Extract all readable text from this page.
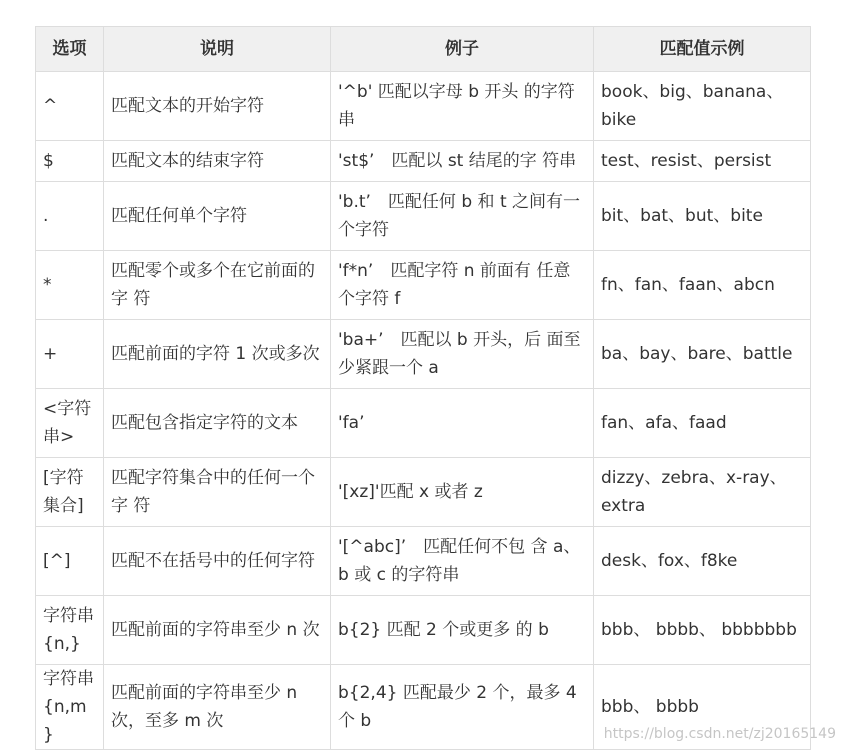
选项	说明	例子	匹配值示例
^	匹配文本的开始字符	'^b' 匹配以字母 b 开头 的字符串	book、big、banana、 bike
$	匹配文本的结束字符	'st$’　匹配以 st 结尾的字 符串	test、resist、persist
.	匹配任何单个字符	'b.t’　匹配任何 b 和 t 之间有一个字符	bit、bat、but、bite
*	匹配零个或多个在它前面的字 符	'f*n’　匹配字符 n 前面有 任意个字符 f	fn、fan、faan、abcn
+	匹配前面的字符 1 次或多次	'ba+’　匹配以 b 开头，后 面至少紧跟一个 a	ba、bay、bare、battle
<字符串>	匹配包含指定字符的文本	'fa’	fan、afa、faad
[字符集合]	匹配字符集合中的任何一个字 符	'[xz]'匹配 x 或者 z	dizzy、zebra、x-ray、 extra
[^]	匹配不在括号中的任何字符	'[^abc]’　匹配任何不包 含 a、b 或 c 的字符串	desk、fox、f8ke
字符串{n,}	匹配前面的字符串至少 n 次	b{2} 匹配 2 个或更多 的 b	bbb、 bbbb、 bbbbbbb
字符串{n,m}	匹配前面的字符串至少 n 次，至多 m 次	b{2,4} 匹配最少 2 个，最多 4 个 b	bbb、 bbbb
https://blog.csdn.net/zj20165149
